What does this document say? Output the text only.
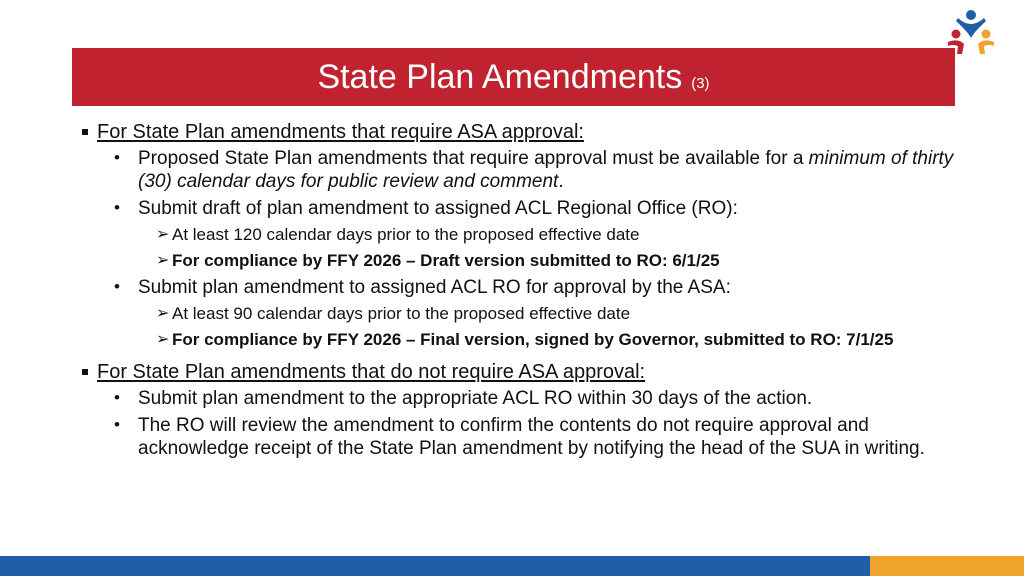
State Plan Amendments (3)
For State Plan amendments that require ASA approval:
• Proposed State Plan amendments that require approval must be available for a minimum of thirty (30) calendar days for public review and comment.
• Submit draft of plan amendment to assigned ACL Regional Office (RO):
➢ At least 120 calendar days prior to the proposed effective date
➢ For compliance by FFY 2026 – Draft version submitted to RO: 6/1/25
• Submit plan amendment to assigned ACL RO for approval by the ASA:
➢ At least 90 calendar days prior to the proposed effective date
➢ For compliance by FFY 2026 – Final version, signed by Governor, submitted to RO: 7/1/25
For State Plan amendments that do not require ASA approval:
• Submit plan amendment to the appropriate ACL RO within 30 days of the action.
• The RO will review the amendment to confirm the contents do not require approval and acknowledge receipt of the State Plan amendment by notifying the head of the SUA in writing.
